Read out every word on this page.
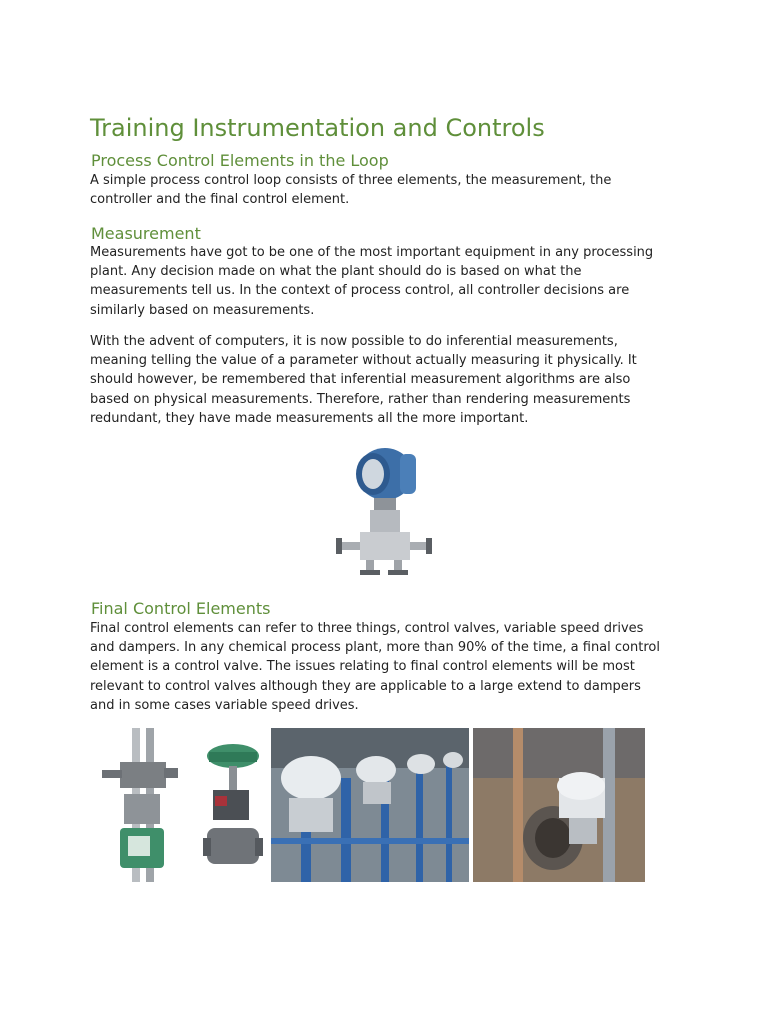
Training Instrumentation and Controls
Process Control Elements in the Loop

A simple process control loop consists of three elements, the measurement, the
controller and the final control element.

Measurement

Measurements have got to be one of the most important equipment in any processing
plant. Any decision made on what the plant should do is based on what the
measurements tell us. In the context of process control, all controller decisions are
similarly based on measurements.

With the advent of computers, it is now possible to do inferential measurements,
meaning telling the value of a parameter without actually measuring it physically. It
should however, be remembered that inferential measurement algorithms are also
based on physical measurements. Therefore, rather than rendering measurements
redundant, they have made measurements all the more important.

Final Control Elements

Final control elements can refer to three things, control valves, variable speed drives
and dampers. In any chemical process plant, more than 90% of the time, a final control
element is a control valve. The issues relating to final control elements will be most
relevant to control valves although they are applicable to a large extend to dampers
and in some cases variable speed drives.
